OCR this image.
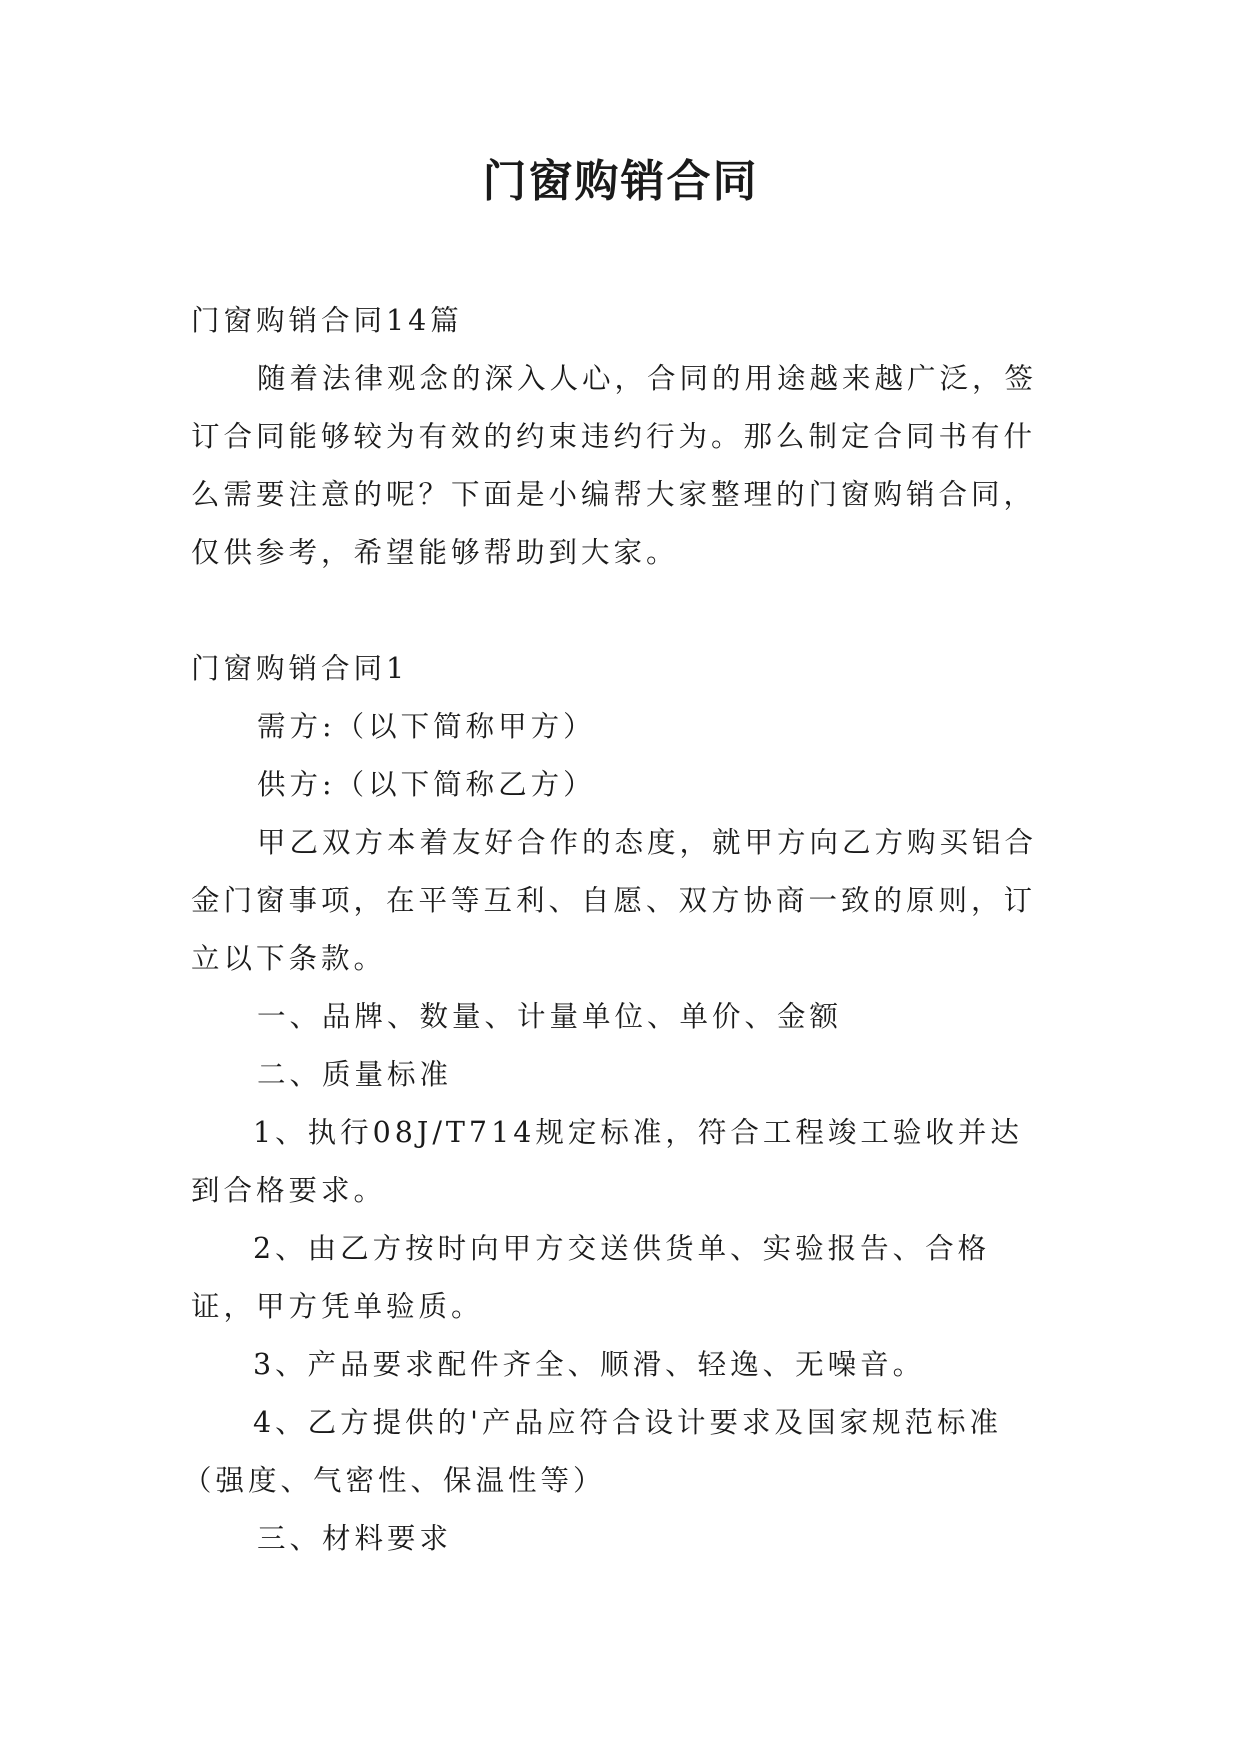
门窗购销合同

门窗购销合同14篇

随着法律观念的深入人心，合同的用途越来越广泛，签订合同能够较为有效的约束违约行为。那么制定合同书有什么需要注意的呢？下面是小编帮大家整理的门窗购销合同，仅供参考，希望能够帮助到大家。

门窗购销合同1

需方:（以下简称甲方）

供方:（以下简称乙方）

甲乙双方本着友好合作的态度，就甲方向乙方购买铝合金门窗事项，在平等互利、自愿、双方协商一致的原则，订立以下条款。

一、品牌、数量、计量单位、单价、金额

二、质量标准

1、执行08J/T714规定标准，符合工程竣工验收并达到合格要求。

2、由乙方按时向甲方交送供货单、实验报告、合格证，甲方凭单验质。

3、产品要求配件齐全、顺滑、轻逸、无噪音。

4、乙方提供的'产品应符合设计要求及国家规范标准

（强度、气密性、保温性等）

三、材料要求
